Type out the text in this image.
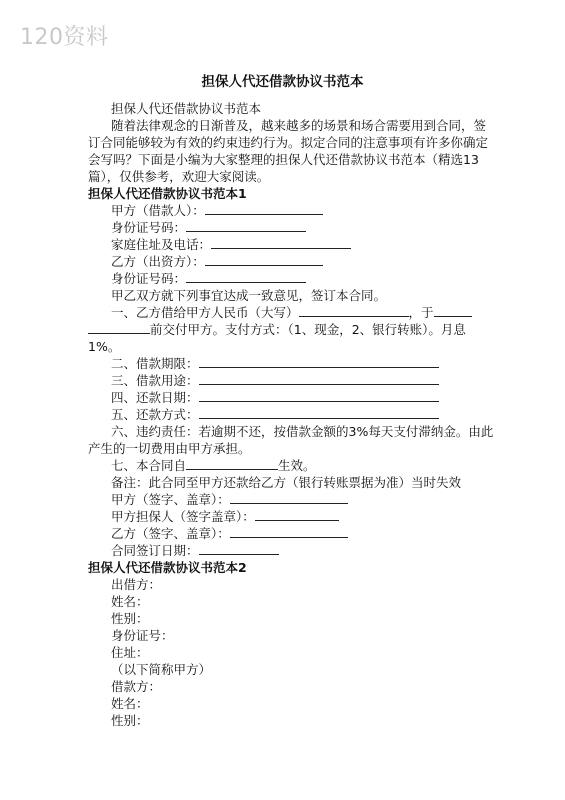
120资料
担保人代还借款协议书范本

担保人代还借款协议书范本

随着法律观念的日渐普及，越来越多的场景和场合需要用到合同，签订合同能够较为有效的约束违约行为。拟定合同的注意事项有许多你确定会写吗？下面是小编为大家整理的担保人代还借款协议书范本（精选13篇），仅供参考，欢迎大家阅读。

担保人代还借款协议书范本1

甲方（借款人）：

身份证号码：

家庭住址及电话：

乙方（出资方）：

身份证号码：

甲乙双方就下列事宜达成一致意见，签订本合同。

一、乙方借给甲方人民币（大写）	，于
前交付甲方。支付方式：（1、现金，2、银行转账）。月息1%。

二、借款期限：

三、借款用途：

四、还款日期：

五、还款方式：

六、违约责任：若逾期不还，按借款金额的3%每天支付滞纳金。由此产生的一切费用由甲方承担。

七、本合同自	生效。

备注：此合同至甲方还款给乙方（银行转账票据为准）当时失效

甲方（签字、盖章）：

甲方担保人（签字盖章）：

乙方（签字、盖章）：

合同签订日期：

担保人代还借款协议书范本2

出借方：

姓名：

性别：

身份证号：

住址：

（以下简称甲方）

借款方：

姓名：

性别：
